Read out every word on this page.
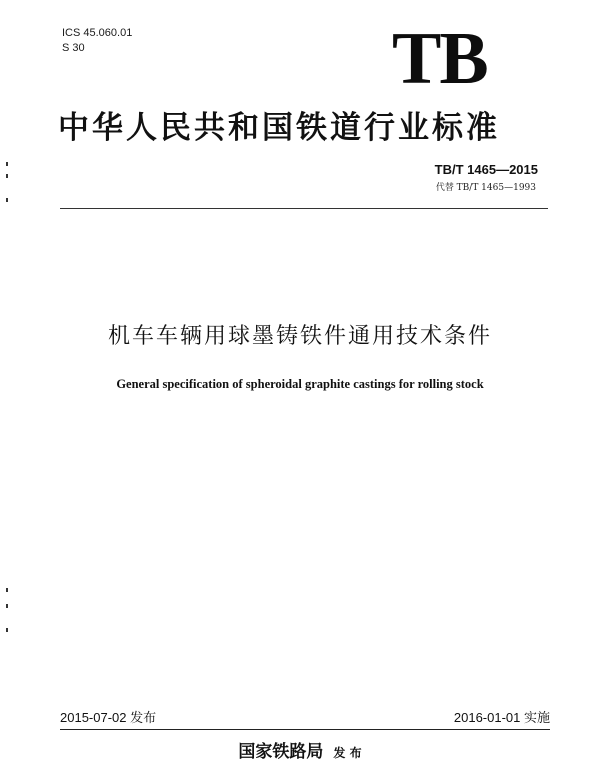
ICS 45.060.01
S 30	TB
中华人民共和国铁道行业标准
TB/T 1465—2015
代替 TB/T 1465—1993
机车车辆用球墨铸铁件通用技术条件
General specification of spheroidal graphite castings for rolling stock
2015-07-02 发布	2016-01-01 实施
国家铁路局 发 布
